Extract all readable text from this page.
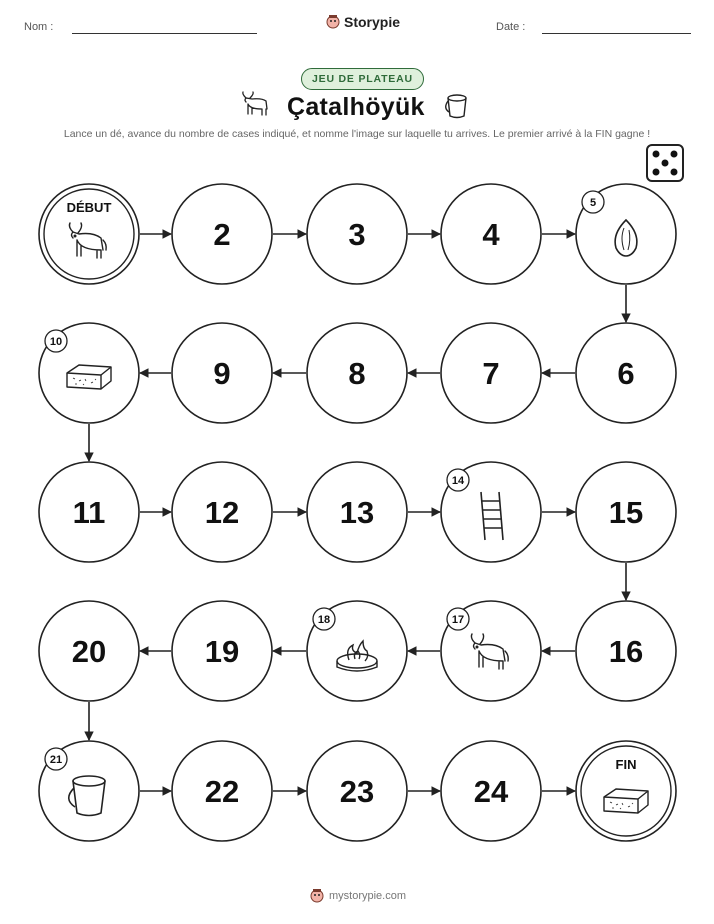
Nom :	Storypie	Date :
JEU DE PLATEAU
Çatalhöyük
Lance un dé, avance du nombre de cases indiqué, et nomme l'image sur laquelle tu arrives. Le premier arrivé à la FIN gagne !
DÉBUT
2	3	4
5
6
7
8
9
10
11	12	13
14
15
16
17
18
19
20
21
22	23	24
FIN
mystorypie.com
